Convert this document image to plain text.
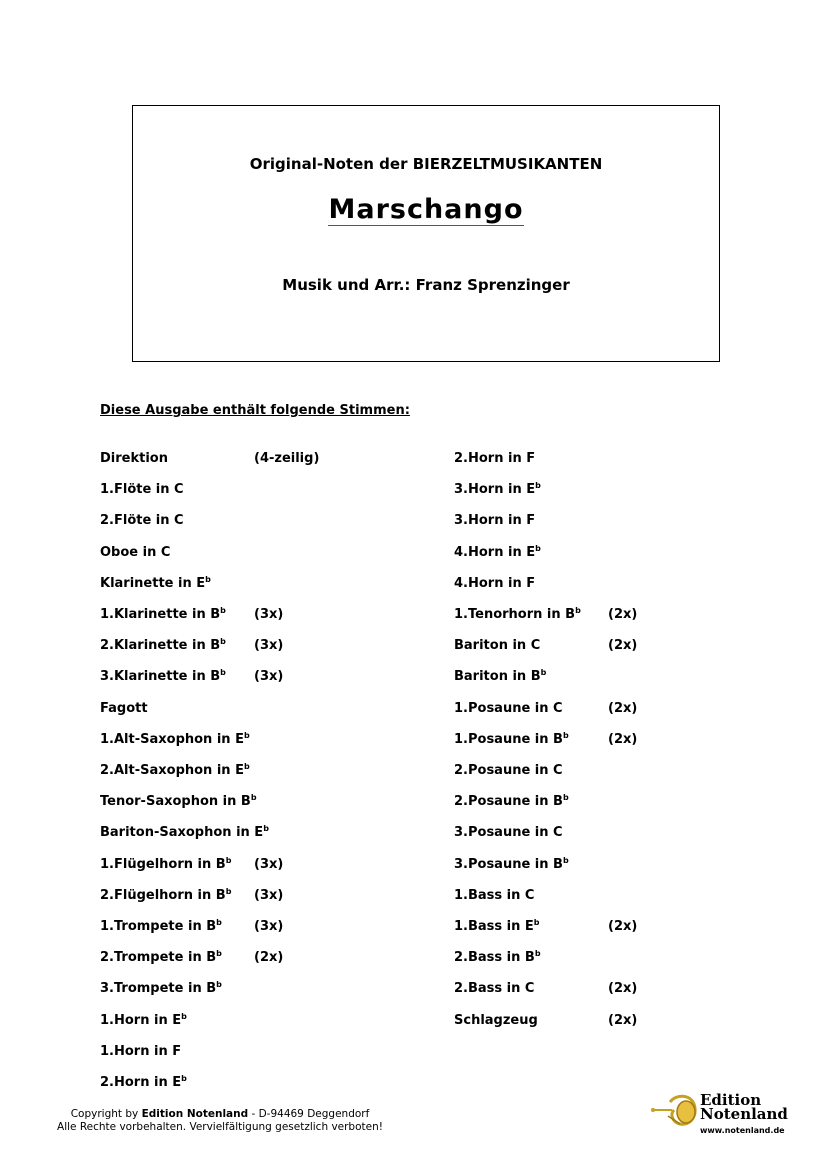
Original-Noten der BIERZELTMUSIKANTEN
Marschango
Musik und Arr.: Franz Sprenzinger
Diese Ausgabe enthält folgende Stimmen:
Direktion	(4-zeilig)
1.Flöte in C
2.Flöte in C
Oboe in C
Klarinette in $E^b$
1.Klarinette in $B^b$ (3x)
2.Klarinette in $B^b$ (3x)
3.Klarinette in $B^b$ (3x)
Fagott
1.Alt-Saxophon in $E^b$
2.Alt-Saxophon in $E^b$
Tenor-Saxophon in $B^b$
Bariton-Saxophon in $E^b$
1.Flügelhorn in $B^b$ (3x)
2.Flügelhorn in $B^b$ (3x)
1.Trompete in $B^b$ (3x)
2.Trompete in $B^b$ (2x)
3.Trompete in $B^b$
1.Horn in $E^b$
1.Horn in F
2.Horn in $E^b$
2.Horn in F
3.Horn in $E^b$
3.Horn in F
4.Horn in $E^b$
4.Horn in F
1.Tenorhorn in $B^b$ (2x)
Bariton in C	(2x)
Bariton in $B^b$
1.Posaune in C	(2x)
1.Posaune in $B^b$	(2x)
2.Posaune in C
2.Posaune in $B^b$
3.Posaune in C
3.Posaune in $B^b$
1.Bass in C
1.Bass in $E^b$	(2x)
2.Bass in $B^b$
2.Bass in C	(2x)
Schlagzeug	(2x)
Copyright by Edition Notenland - D-94469 Deggendorf
Alle Rechte vorbehalten. Vervielfältigung gesetzlich verboten!
Edition
Notenland
www.notenland.de
